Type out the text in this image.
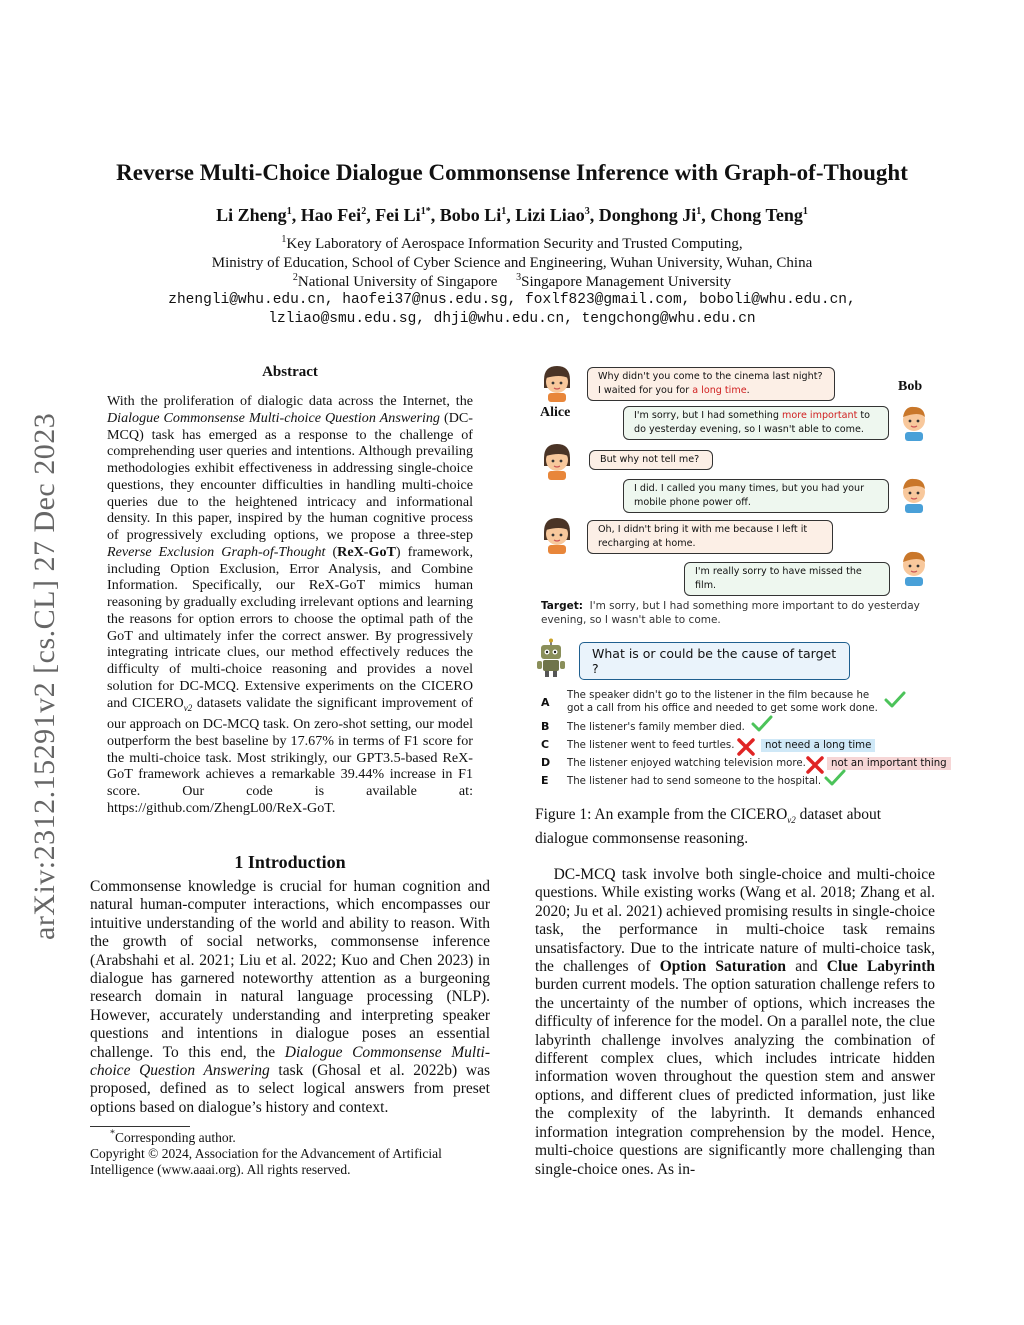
arXiv:2312.15291v2 [cs.CL] 27 Dec 2023
Reverse Multi-Choice Dialogue Commonsense Inference with Graph-of-Thought
Li Zheng$^1$, Hao Fei$^2$, Fei $Li^{1*}$, Bobo Li$^1$, Lizi Liao$^3$, Donghong Ji$^1$, Chong Teng$^1$
$^1$Key Laboratory of Aerospace Information Security and Trusted Computing,
Ministry of Education, School of Cyber Science and Engineering, Wuhan University, Wuhan, China
$^2$National University of Singapore $^3$Singapore Management University
zhengli@whu.edu.cn, haofei37@nus.edu.sg, foxlf823@gmail.com, boboli@whu.edu.cn,
lzliao@smu.edu.sg, dhji@whu.edu.cn, tengchong@whu.edu.cn
Abstract
With the proliferation of dialogic data across the Internet, the Dialogue Commonsense Multi-choice Question Answering (DC-MCQ) task has emerged as a response to the challenge of comprehending user queries and intentions. Although prevailing methodologies exhibit effectiveness in addressing single-choice questions, they encounter difficulties in handling multi-choice queries due to the heightened intricacy and informational density. In this paper, inspired by the human cognitive process of progressively excluding options, we propose a three-step Reverse Exclusion Graph-of-Thought (ReX-GoT) framework, including Option Exclusion, Error Analysis, and Combine Information. Specifically, our ReX-GoT mimics human reasoning by gradually excluding irrelevant options and learning the reasons for option errors to choose the optimal path of the GoT and ultimately infer the correct answer. By progressively integrating intricate clues, our method effectively reduces the difficulty of multi-choice reasoning and provides a novel solution for DC-MCQ. Extensive experiments on the CICERO and $CICERO_{v2}$ datasets validate the significant improvement of our approach on DC-MCQ task. On zero-shot setting, our model outperform the best baseline by 17.67% in terms of F1 score for the multi-choice task. Most strikingly, our GPT3.5-based ReX-GoT framework achieves a remarkable 39.44% increase in F1 score. Our code is available at: https://github.com/ZhengL00/ReX-GoT.
1 Introduction
Commonsense knowledge is crucial for human cognition and natural human-computer interactions, which encompasses our intuitive understanding of the world and ability to reason. With the growth of social networks, commonsense inference (Arabshahi et al. 2021; Liu et al. 2022; Kuo and Chen 2023) in dialogue has garnered noteworthy attention as a burgeoning research domain in natural language processing (NLP). However, accurately understanding and interpreting speaker questions and intentions in dialogue poses an essential challenge. To this end, the Dialogue Commonsense Multi-choice Question Answering task (Ghosal et al. 2022b) was proposed, defined as to select logical answers from preset options based on dialogue’s history and context.
*Corresponding author.
Copyright © 2024, Association for the Advancement of Artificial Intelligence (www.aaai.org). All rights reserved.
Alice
Bob
Why didn't you come to the cinema last night? I waited for you for a long time.
I'm sorry, but I had something more important to do yesterday evening, so I wasn't able to come.
But why not tell me?
I did. I called you many times, but you had your mobile phone power off.
Oh, I didn't bring it with me because I left it recharging at home.
I'm really sorry to have missed the film.
Target: I'm sorry, but I had something more important to do yesterday evening, so I wasn't able to come.
What is or could be the cause of target ?
A
The speaker didn't go to the listener in the film because he got a call from his office and needed to get some work done.
B	The listener's family member died.
C	The listener went to feed turtles.	not need a long time
D The listener enjoyed watching television more.	not an important thing
E	The listener had to send someone to the hospital.
Figure 1: An example from the $CICERO_{v2}$ dataset about dialogue commonsense reasoning.
DC-MCQ task involve both single-choice and multi-choice questions. While existing works (Wang et al. 2018; Zhang et al. 2020; Ju et al. 2021) achieved promising results in single-choice task, the performance in multi-choice task remains unsatisfactory. Due to the intricate nature of multi-choice task, the challenges of Option Saturation and Clue Labyrinth burden current models. The option saturation challenge refers to the uncertainty of the number of options, which increases the difficulty of inference for the model. On a parallel note, the clue labyrinth challenge involves analyzing the combination of different complex clues, which includes intricate hidden information woven throughout the question stem and answer options, and different clues of predicted information, just like the complexity of the labyrinth. It demands enhanced information integration comprehension by the model. Hence, multi-choice questions are significantly more challenging than single-choice ones. As in-
